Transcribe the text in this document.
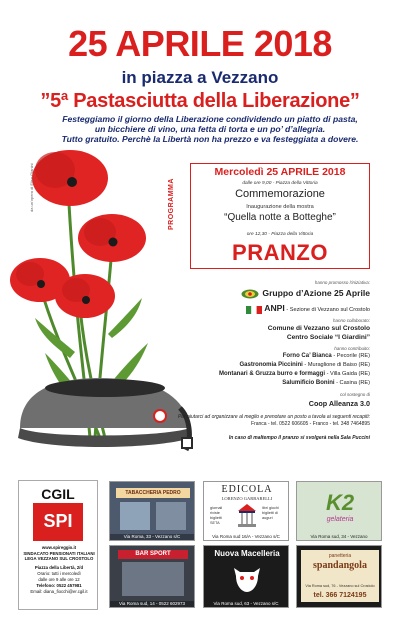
25 APRILE 2018
in piazza a Vezzano
”5ª Pastasciutta della Liberazione”
Festeggiamo il giorno della Liberazione condividendo un piatto di pasta,
un bicchiere di vino, una fetta di torta e un po’ d’allegria.
Tutto gratuito. Perchè la Libertà non ha prezzo e va festeggiata a dovere.
da un'opera di Elisa Gianini	PROGRAMMA
Mercoledì 25 APRILE 2018
dalle ore 9,00 - Piazza della Vittoria
Commemorazione
Inaugurazione della mostra
“Quella notte a Botteghe”
ore 12,30 - Piazza della Vittoria
PRANZO
hanno promosso l'iniziativa:
Gruppo d’Azione 25 Aprile
ANPI - Sezione di Vezzano sul Crostolo
hanno collaborato:
Comune di Vezzano sul Crostolo
Centro Sociale “I Giardini”
hanno contribuito:
Forno Ca’ Bianca - Pecorile (RE)
Gastronomia Piccinini - Muraglione di Baiso (RE)
Montanari & Gruzza burro e formaggi - Villa Gaida (RE)
Salumificio Bonini - Casina (RE)
col sostegno di
Coop Alleanza 3.0
Per aiutarci ad organizzare al meglio e prenotare un posto a tavola ai seguenti recapiti:
Franca - tel. 0522 606605 - Franco - tel. 348 7464895
In caso di maltempo il pranzo si svolgerà nella Sala Puccini
CGIL
SPI
www.spireggio.it
SINDACATO PENSIONATI ITALIANI
LEGA VEZZANO SUL CROSTOLO
Piazza della Libertà, 2/d
Orario: tutti i mercoledì
dalle ore 9 alle ore 12
Telefono: 0522 457981
Email: diana_fiocchi@er.cgil.it
TABACCHERIA PEDRO
Via Roma, 33 - Vezzano s/C
EDICOLA
LORENZO GARBARELLI
giornali riviste biglietti SETA
libri giochi biglietti di auguri
Via Roma sud 16/A - Vezzano s/C
K2
gelateria
Via Roma sud, 34 - Vezzano
BAR SPORT
Via Roma sud, 14 - 0522 602973
Nuova Macelleria
Via Roma sud, 63 - Vezzano s/C
panetteria
spandangola
Via Roma sud, 76 - Vezzano sul Crostolo
tel. 366 7124195
